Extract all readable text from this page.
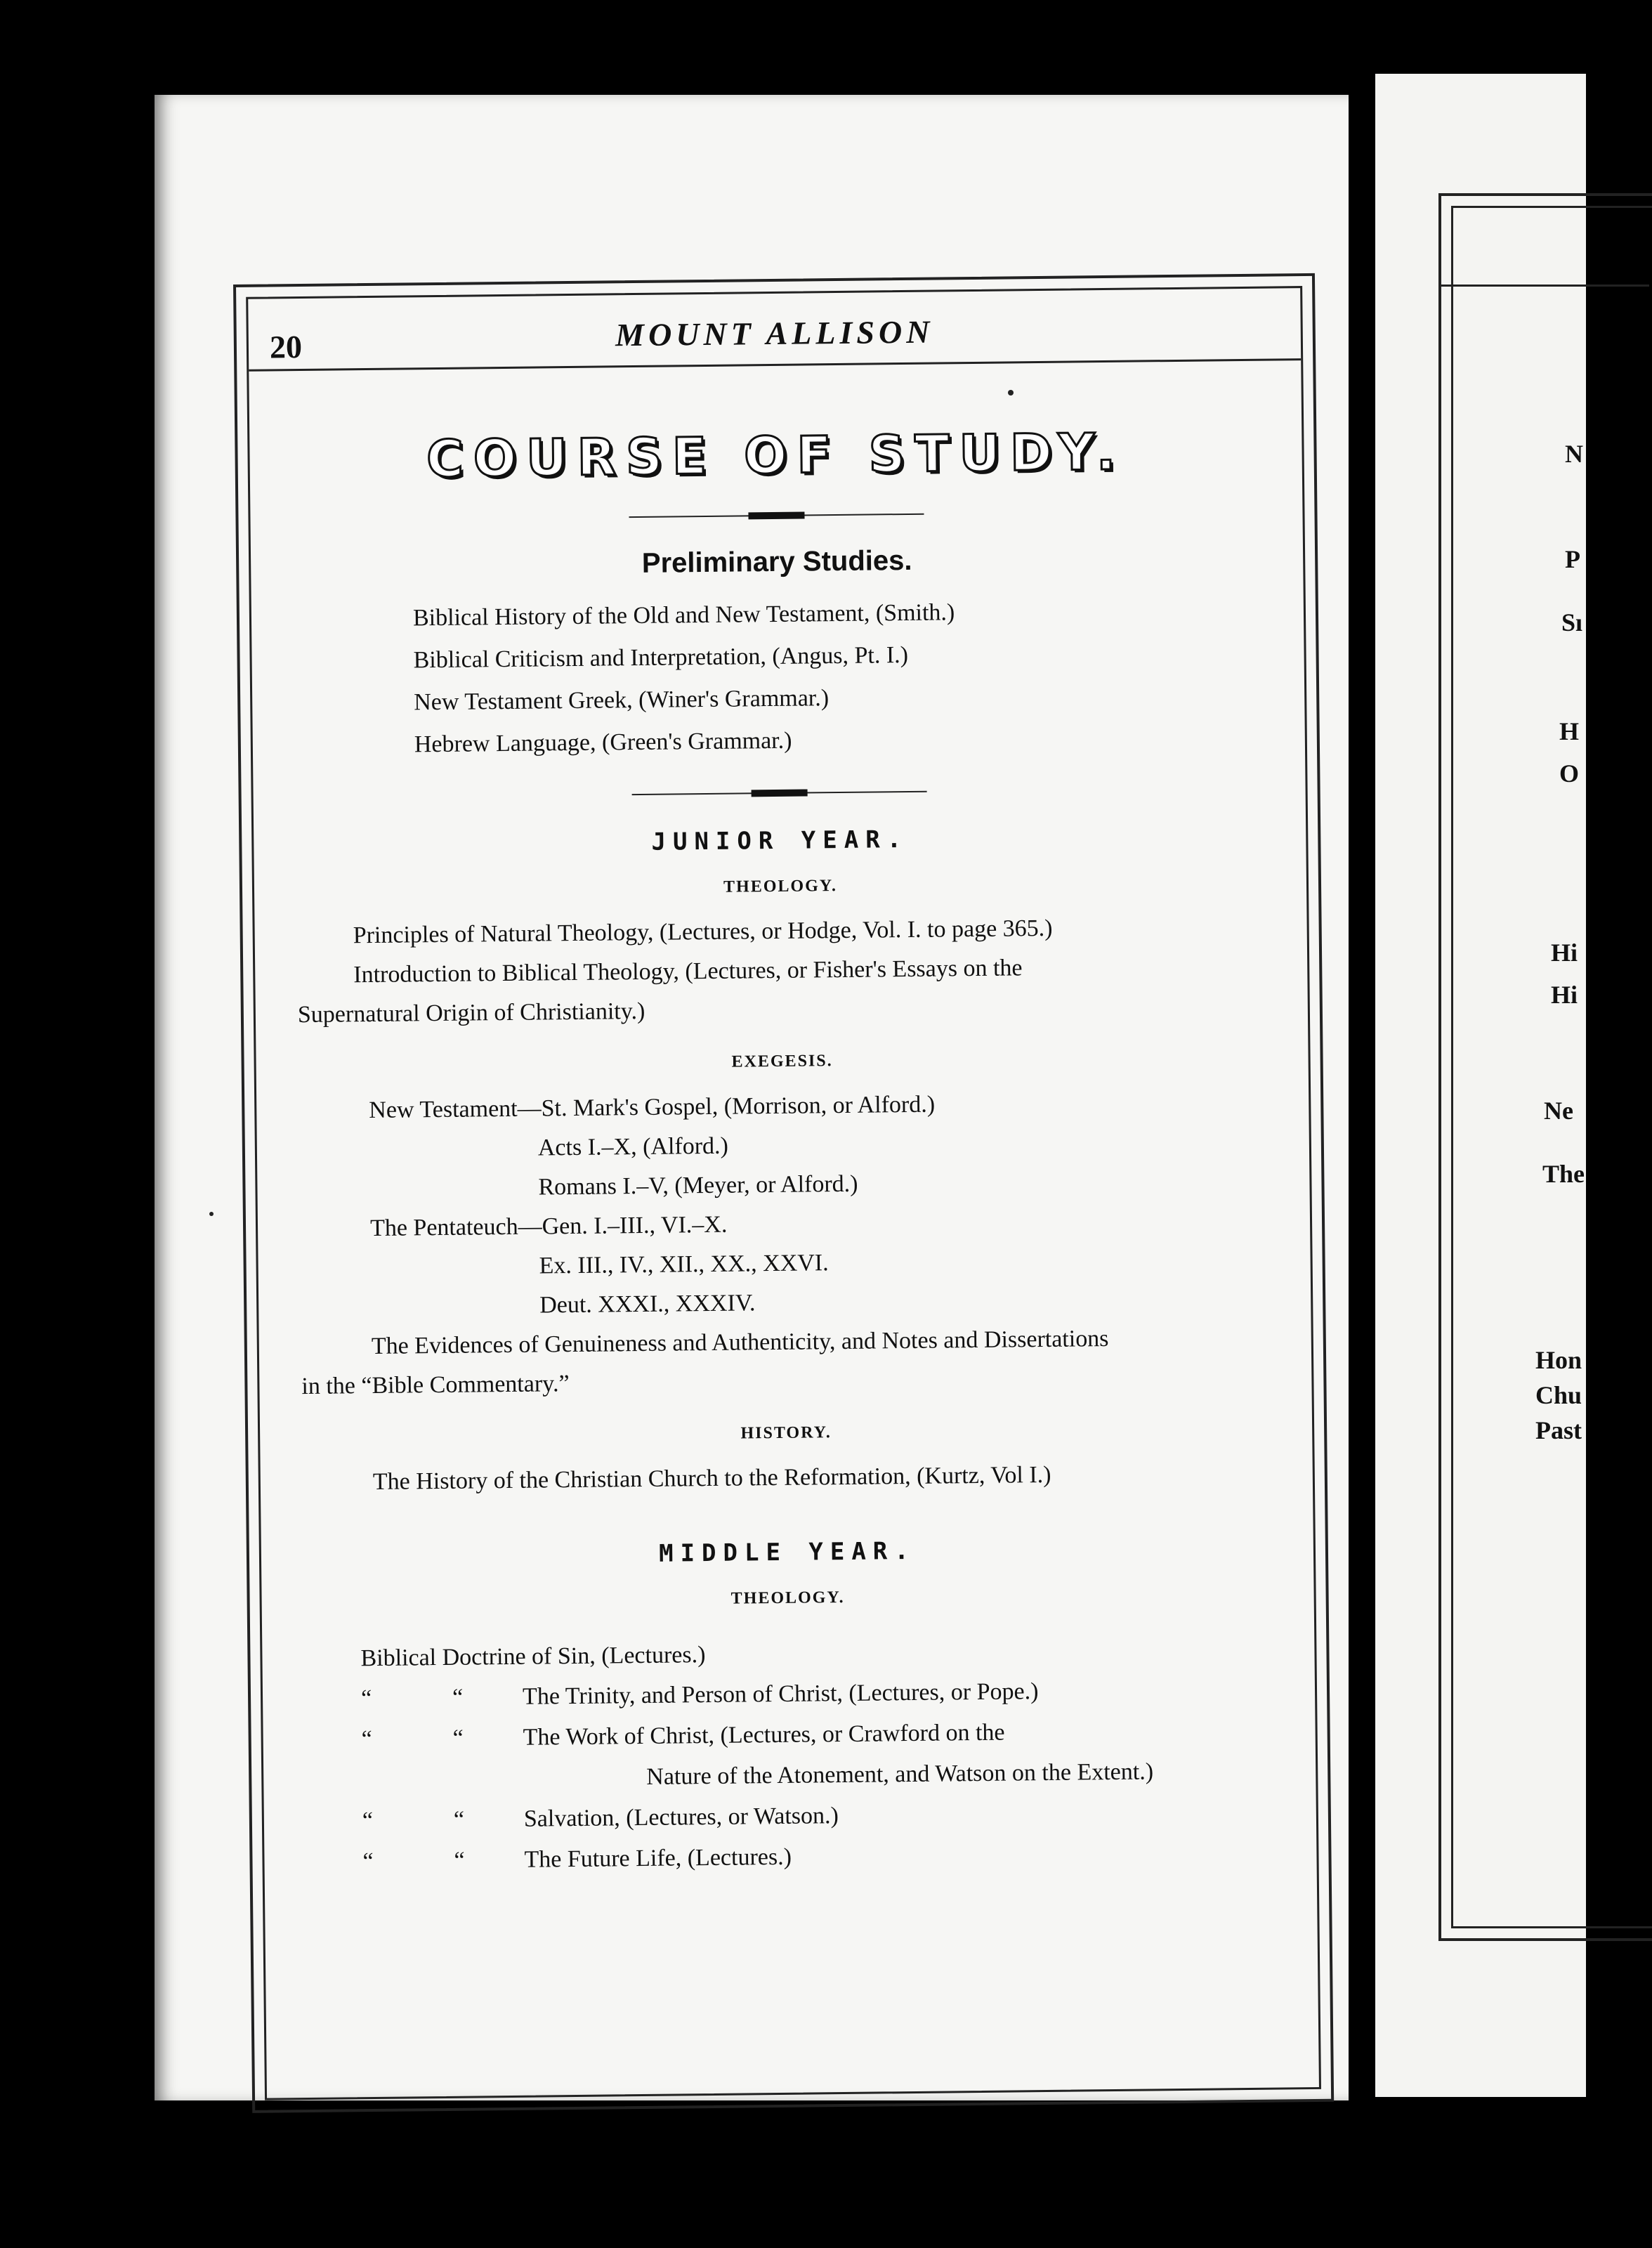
20	MOUNT ALLISON
COURSE OF STUDY.
Preliminary Studies.
Biblical History of the Old and New Testament, (Smith.)
Biblical Criticism and Interpretation, (Angus, Pt. I.)
New Testament Greek, (Winer's Grammar.)
Hebrew Language, (Green's Grammar.)
JUNIOR YEAR.
THEOLOGY.
Principles of Natural Theology, (Lectures, or Hodge, Vol. I. to page 365.)
Introduction to Biblical Theology, (Lectures, or Fisher's Essays on the
Supernatural Origin of Christianity.)
EXEGESIS.
New Testament—St. Mark's Gospel, (Morrison, or Alford.)
Acts I.–X, (Alford.)
Romans I.–V, (Meyer, or Alford.)
The Pentateuch—Gen. I.–III., VI.–X.
Ex. III., IV., XII., XX., XXVI.
Deut. XXXI., XXXIV.
The Evidences of Genuineness and Authenticity, and Notes and Dissertations
in the “Bible Commentary.”
HISTORY.
The History of the Christian Church to the Reformation, (Kurtz, Vol I.)
MIDDLE YEAR.
THEOLOGY.
Biblical Doctrine of Sin, (Lectures.)
“	“ The Trinity, and Person of Christ, (Lectures, or Pope.)
“	“ The Work of Christ, (Lectures, or Crawford on the
Nature of the Atonement, and Watson on the Extent.)
“	“ Salvation, (Lectures, or Watson.)
“	“ The Future Life, (Lectures.)
N
P
Sı
H
O
Hi
Hi
Ne
The
Hon
Chu
Past
